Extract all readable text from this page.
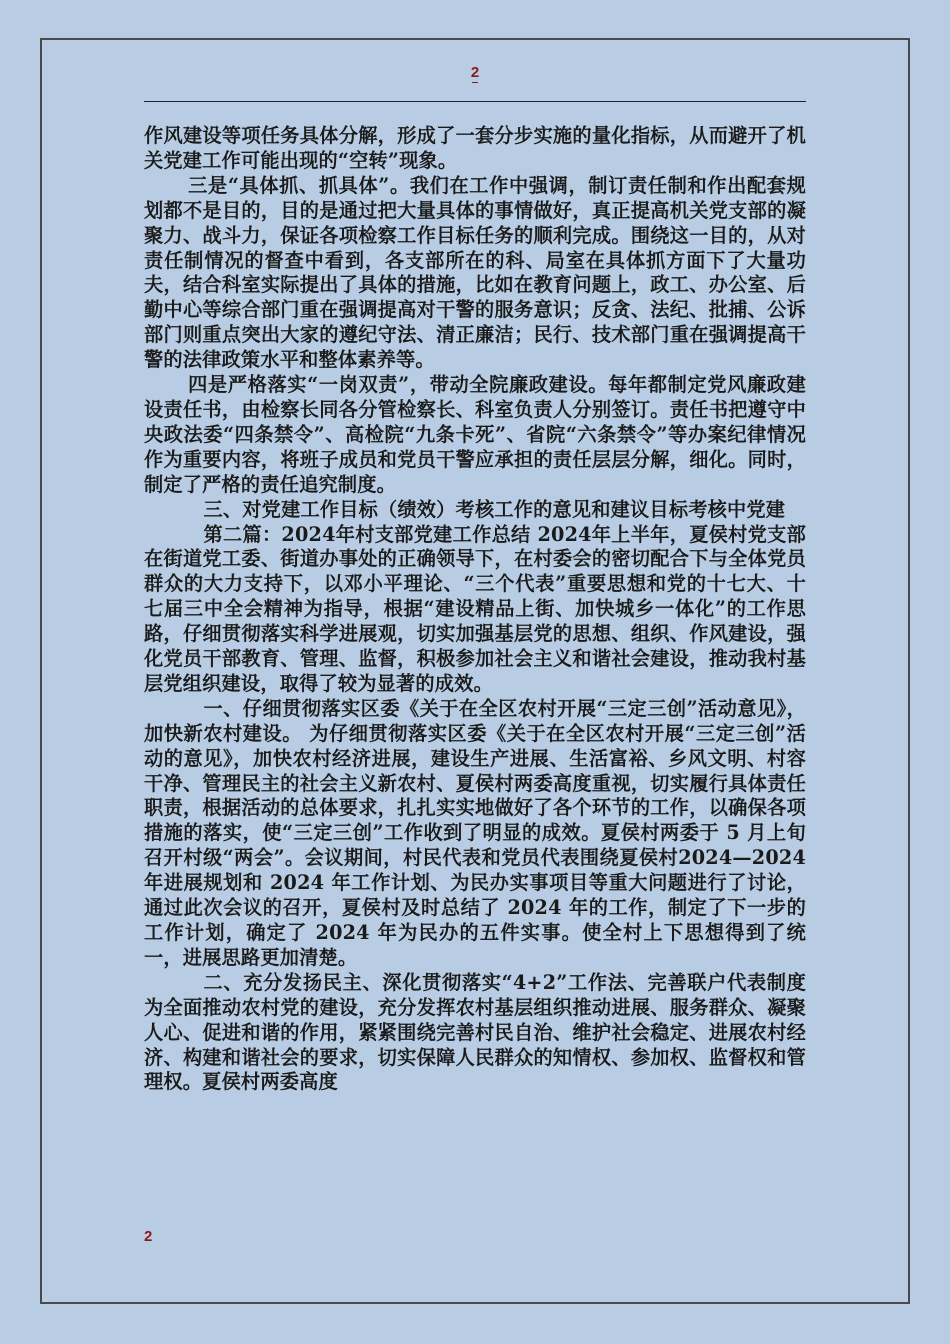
2

作风建设等项任务具体分解，形成了一套分步实施的量化指标，从而避开了机关党建工作可能出现的“空转”现象。

三是“具体抓、抓具体”。我们在工作中强调，制订责任制和作出配套规划都不是目的，目的是通过把大量具体的事情做好，真正提高机关党支部的凝聚力、战斗力，保证各项检察工作目标任务的顺利完成。围绕这一目的，从对责任制情况的督查中看到，各支部所在的科、局室在具体抓方面下了大量功夫，结合科室实际提出了具体的措施，比如在教育问题上，政工、办公室、后勤中心等综合部门重在强调提高对干警的服务意识；反贪、法纪、批捕、公诉部门则重点突出大家的遵纪守法、清正廉洁；民行、技术部门重在强调提高干警的法律政策水平和整体素养等。

四是严格落实“一岗双责”，带动全院廉政建设。每年都制定党风廉政建设责任书，由检察长同各分管检察长、科室负责人分别签订。责任书把遵守中央政法委“四条禁令”、高检院“九条卡死”、省院“六条禁令”等办案纪律情况作为重要内容，将班子成员和党员干警应承担的责任层层分解，细化。同时，制定了严格的责任追究制度。

三、对党建工作目标（绩效）考核工作的意见和建议目标考核中党建

第二篇：2024年村支部党建工作总结 2024年上半年，夏侯村党支部在街道党工委、街道办事处的正确领导下，在村委会的密切配合下与全体党员群众的大力支持下，以邓小平理论、“三个代表”重要思想和党的十七大、十七届三中全会精神为指导，根据“建设精品上街、加快城乡一体化”的工作思路，仔细贯彻落实科学进展观，切实加强基层党的思想、组织、作风建设，强化党员干部教育、管理、监督，积极参加社会主义和谐社会建设，推动我村基层党组织建设，取得了较为显著的成效。

一、仔细贯彻落实区委《关于在全区农村开展“三定三创”活动意见》，加快新农村建设。 为仔细贯彻落实区委《关于在全区农村开展“三定三创”活动的意见》，加快农村经济进展，建设生产进展、生活富裕、乡风文明、村容干净、管理民主的社会主义新农村、夏侯村两委高度重视，切实履行具体责任职责，根据活动的总体要求，扎扎实实地做好了各个环节的工作，以确保各项措施的落实，使“三定三创”工作收到了明显的成效。夏侯村两委于 5 月上旬召开村级“两会”。会议期间，村民代表和党员代表围绕夏侯村2024—2024 年进展规划和 2024 年工作计划、为民办实事项目等重大问题进行了讨论，通过此次会议的召开，夏侯村及时总结了 2024 年的工作，制定了下一步的工作计划，确定了 2024 年为民办的五件实事。使全村上下思想得到了统一，进展思路更加清楚。

二、充分发扬民主、深化贯彻落实“4+2”工作法、完善联户代表制度 为全面推动农村党的建设，充分发挥农村基层组织推动进展、服务群众、凝聚人心、促进和谐的作用，紧紧围绕完善村民自治、维护社会稳定、进展农村经济、构建和谐社会的要求，切实保障人民群众的知情权、参加权、监督权和管理权。夏侯村两委高度

2
